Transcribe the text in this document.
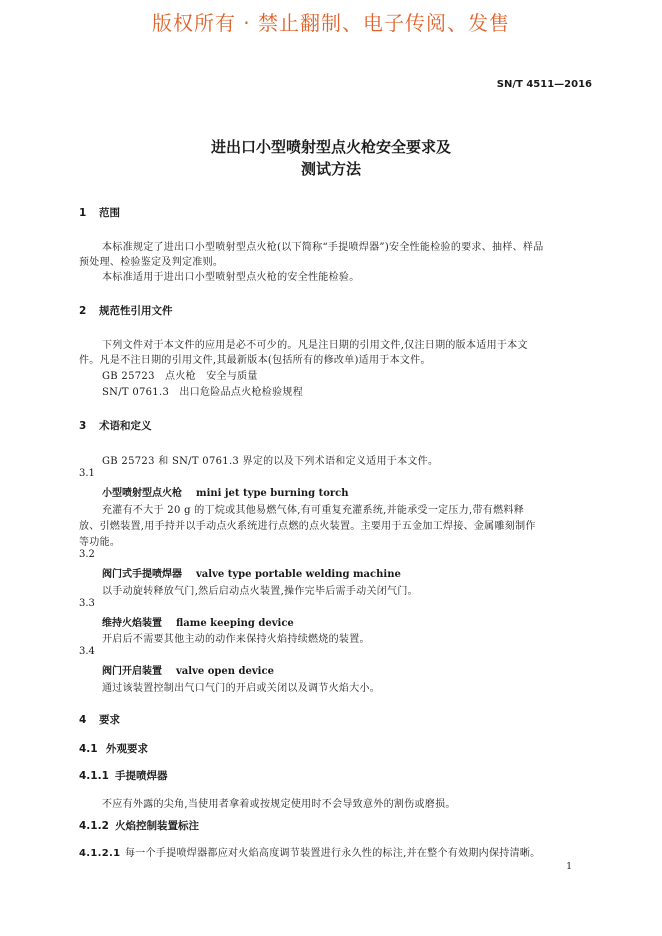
版权所有 · 禁止翻制、电子传阅、发售
SN/T 4511—2016
进出口小型喷射型点火枪安全要求及
测试方法
1 范围
本标准规定了进出口小型喷射型点火枪(以下简称“手提喷焊器”)安全性能检验的要求、抽样、样品
预处理、检验鉴定及判定准则。
本标准适用于进出口小型喷射型点火枪的安全性能检验。
2 规范性引用文件
下列文件对于本文件的应用是必不可少的。凡是注日期的引用文件,仅注日期的版本适用于本文
件。凡是不注日期的引用文件,其最新版本(包括所有的修改单)适用于本文件。
GB 25723　点火枪　安全与质量
SN/T 0761.3　出口危险品点火枪检验规程
3 术语和定义
GB 25723 和 SN/T 0761.3 界定的以及下列术语和定义适用于本文件。
3.1
小型喷射型点火枪 mini jet type burning torch
充灌有不大于 20 g 的丁烷或其他易燃气体,有可重复充灌系统,并能承受一定压力,带有燃料释
放、引燃装置,用手持并以手动点火系统进行点燃的点火装置。主要用于五金加工焊接、金属雕刻制作
等功能。
3.2
阀门式手提喷焊器 valve type portable welding machine
以手动旋转释放气门,然后启动点火装置,操作完毕后需手动关闭气门。
3.3
维持火焰装置 flame keeping device
开启后不需要其他主动的动作来保持火焰持续燃烧的装置。
3.4
阀门开启装置 valve open device
通过该装置控制出气口气门的开启或关闭以及调节火焰大小。
4 要求
4.1 外观要求
4.1.1 手提喷焊器
不应有外露的尖角,当使用者拿着或按规定使用时不会导致意外的割伤或磨损。
4.1.2 火焰控制装置标注
4.1.2.1 每一个手提喷焊器都应对火焰高度调节装置进行永久性的标注,并在整个有效期内保持清晰。
1
